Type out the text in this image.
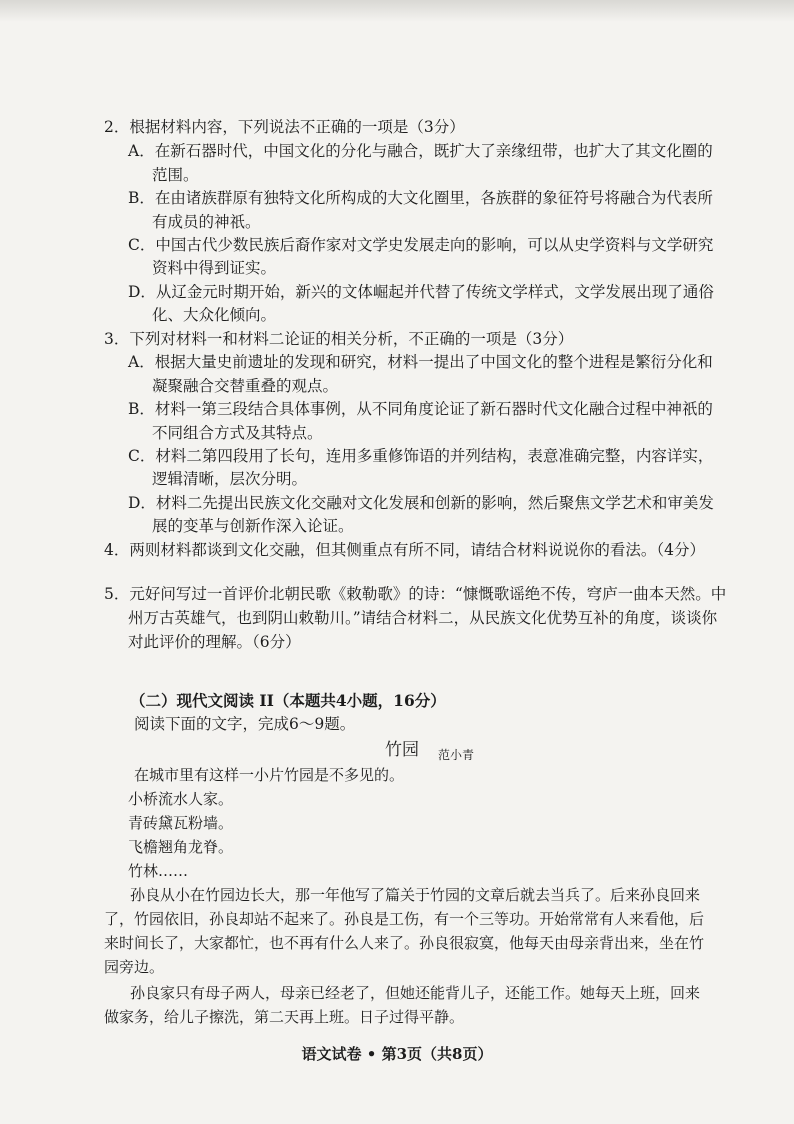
2．根据材料内容，下列说法不正确的一项是（3分）
A．在新石器时代，中国文化的分化与融合，既扩大了亲缘纽带，也扩大了其文化圈的
范围。
B．在由诸族群原有独特文化所构成的大文化圈里，各族群的象征符号将融合为代表所
有成员的神祇。
C．中国古代少数民族后裔作家对文学史发展走向的影响，可以从史学资料与文学研究
资料中得到证实。
D．从辽金元时期开始，新兴的文体崛起并代替了传统文学样式，文学发展出现了通俗
化、大众化倾向。
3．下列对材料一和材料二论证的相关分析，不正确的一项是（3分）
A．根据大量史前遗址的发现和研究，材料一提出了中国文化的整个进程是繁衍分化和
凝聚融合交替重叠的观点。
B．材料一第三段结合具体事例，从不同角度论证了新石器时代文化融合过程中神祇的
不同组合方式及其特点。
C．材料二第四段用了长句，连用多重修饰语的并列结构，表意准确完整，内容详实，
逻辑清晰，层次分明。
D．材料二先提出民族文化交融对文化发展和创新的影响，然后聚焦文学艺术和审美发
展的变革与创新作深入论证。
4．两则材料都谈到文化交融，但其侧重点有所不同，请结合材料说说你的看法。（4分）
5．元好问写过一首评价北朝民歌《敕勒歌》的诗：“慷慨歌谣绝不传，穹庐一曲本天然。中
州万古英雄气，也到阴山敕勒川。”请结合材料二，从民族文化优势互补的角度，谈谈你
对此评价的理解。（6分）
（二）现代文阅读 II（本题共4小题，16分）
阅读下面的文字，完成6～9题。
竹园 范小青
在城市里有这样一小片竹园是不多见的。
小桥流水人家。
青砖黛瓦粉墙。
飞檐翘角龙脊。
竹林……
孙良从小在竹园边长大，那一年他写了篇关于竹园的文章后就去当兵了。后来孙良回来
了，竹园依旧，孙良却站不起来了。孙良是工伤，有一个三等功。开始常常有人来看他，后
来时间长了，大家都忙，也不再有什么人来了。孙良很寂寞，他每天由母亲背出来，坐在竹
园旁边。
孙良家只有母子两人，母亲已经老了，但她还能背儿子，还能工作。她每天上班，回来
做家务，给儿子擦洗，第二天再上班。日子过得平静。
语文试卷 • 第3页（共8页）
